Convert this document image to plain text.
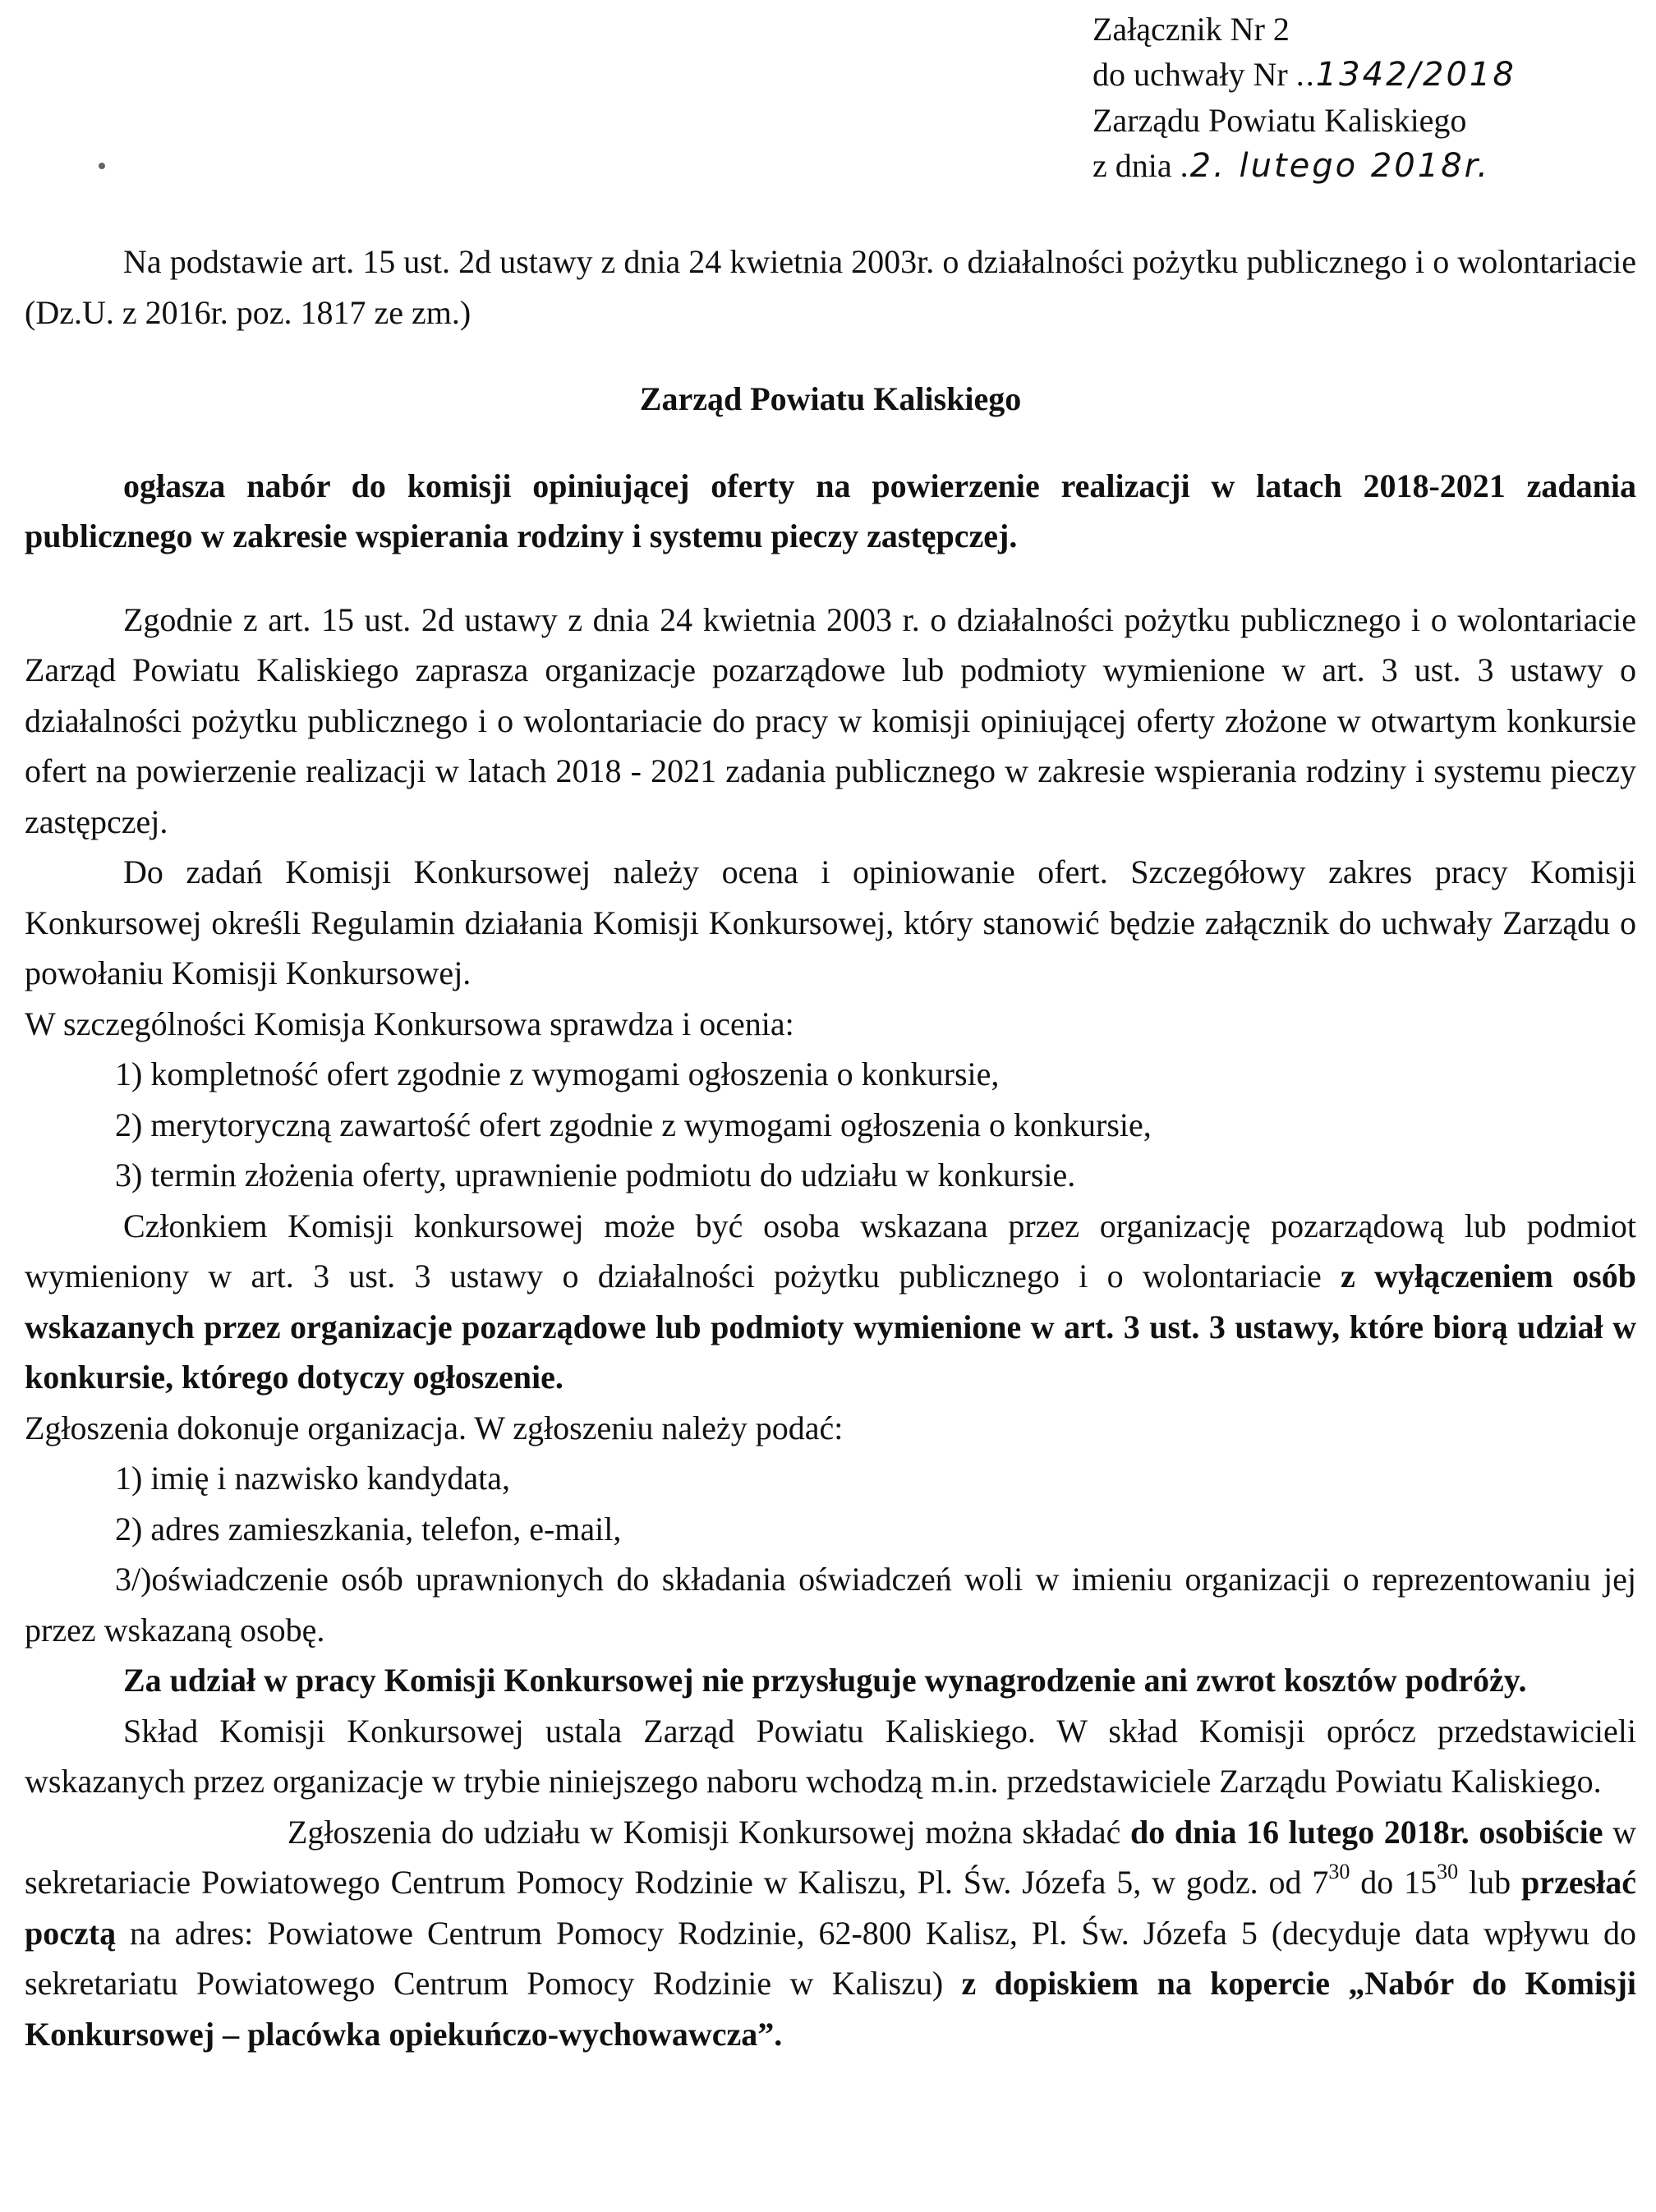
Załącznik Nr 2
do uchwały Nr ..1342/2018
Zarządu Powiatu Kaliskiego
z dnia .2. lutego 2018r.

Na podstawie art. 15 ust. 2d ustawy z dnia 24 kwietnia 2003r. o działalności pożytku publicznego i o wolontariacie (Dz.U. z 2016r. poz. 1817 ze zm.)

Zarząd Powiatu Kaliskiego

ogłasza nabór do komisji opiniującej oferty na powierzenie realizacji w latach 2018-2021 zadania publicznego w zakresie wspierania rodziny i systemu pieczy zastępczej.

Zgodnie z art. 15 ust. 2d ustawy z dnia 24 kwietnia 2003 r. o działalności pożytku publicznego i o wolontariacie Zarząd Powiatu Kaliskiego zaprasza organizacje pozarządowe lub podmioty wymienione w art. 3 ust. 3 ustawy o działalności pożytku publicznego i o wolontariacie do pracy w komisji opiniującej oferty złożone w otwartym konkursie ofert na powierzenie realizacji w latach 2018 - 2021 zadania publicznego w zakresie wspierania rodziny i systemu pieczy zastępczej.

Do zadań Komisji Konkursowej należy ocena i opiniowanie ofert. Szczegółowy zakres pracy Komisji Konkursowej określi Regulamin działania Komisji Konkursowej, który stanowić będzie załącznik do uchwały Zarządu o powołaniu Komisji Konkursowej.

W szczególności Komisja Konkursowa sprawdza i ocenia:

1) kompletność ofert zgodnie z wymogami ogłoszenia o konkursie,

2) merytoryczną zawartość ofert zgodnie z wymogami ogłoszenia o konkursie,

3) termin złożenia oferty, uprawnienie podmiotu do udziału w konkursie.

Członkiem Komisji konkursowej może być osoba wskazana przez organizację pozarządową lub podmiot wymieniony w art. 3 ust. 3 ustawy o działalności pożytku publicznego i o wolontariacie z wyłączeniem osób wskazanych przez organizacje pozarządowe lub podmioty wymienione w art. 3 ust. 3 ustawy, które biorą udział w konkursie, którego dotyczy ogłoszenie.

Zgłoszenia dokonuje organizacja. W zgłoszeniu należy podać:

1) imię i nazwisko kandydata,

2) adres zamieszkania, telefon, e-mail,

3/)oświadczenie osób uprawnionych do składania oświadczeń woli w imieniu organizacji o reprezentowaniu jej przez wskazaną osobę.

Za udział w pracy Komisji Konkursowej nie przysługuje wynagrodzenie ani zwrot kosztów podróży.

Skład Komisji Konkursowej ustala Zarząd Powiatu Kaliskiego. W skład Komisji oprócz przedstawicieli wskazanych przez organizacje w trybie niniejszego naboru wchodzą m.in. przedstawiciele Zarządu Powiatu Kaliskiego.

Zgłoszenia do udziału w Komisji Konkursowej można składać do dnia 16 lutego 2018r. osobiście w sekretariacie Powiatowego Centrum Pomocy Rodzinie w Kaliszu, Pl. Św. Józefa 5, w godz. od $7^{30}$ do $15^{30}$ lub przesłać pocztą na adres: Powiatowe Centrum Pomocy Rodzinie, 62-800 Kalisz, Pl. Św. Józefa 5 (decyduje data wpływu do sekretariatu Powiatowego Centrum Pomocy Rodzinie w Kaliszu) z dopiskiem na kopercie „Nabór do Komisji Konkursowej – placówka opiekuńczo-wychowawcza”.
